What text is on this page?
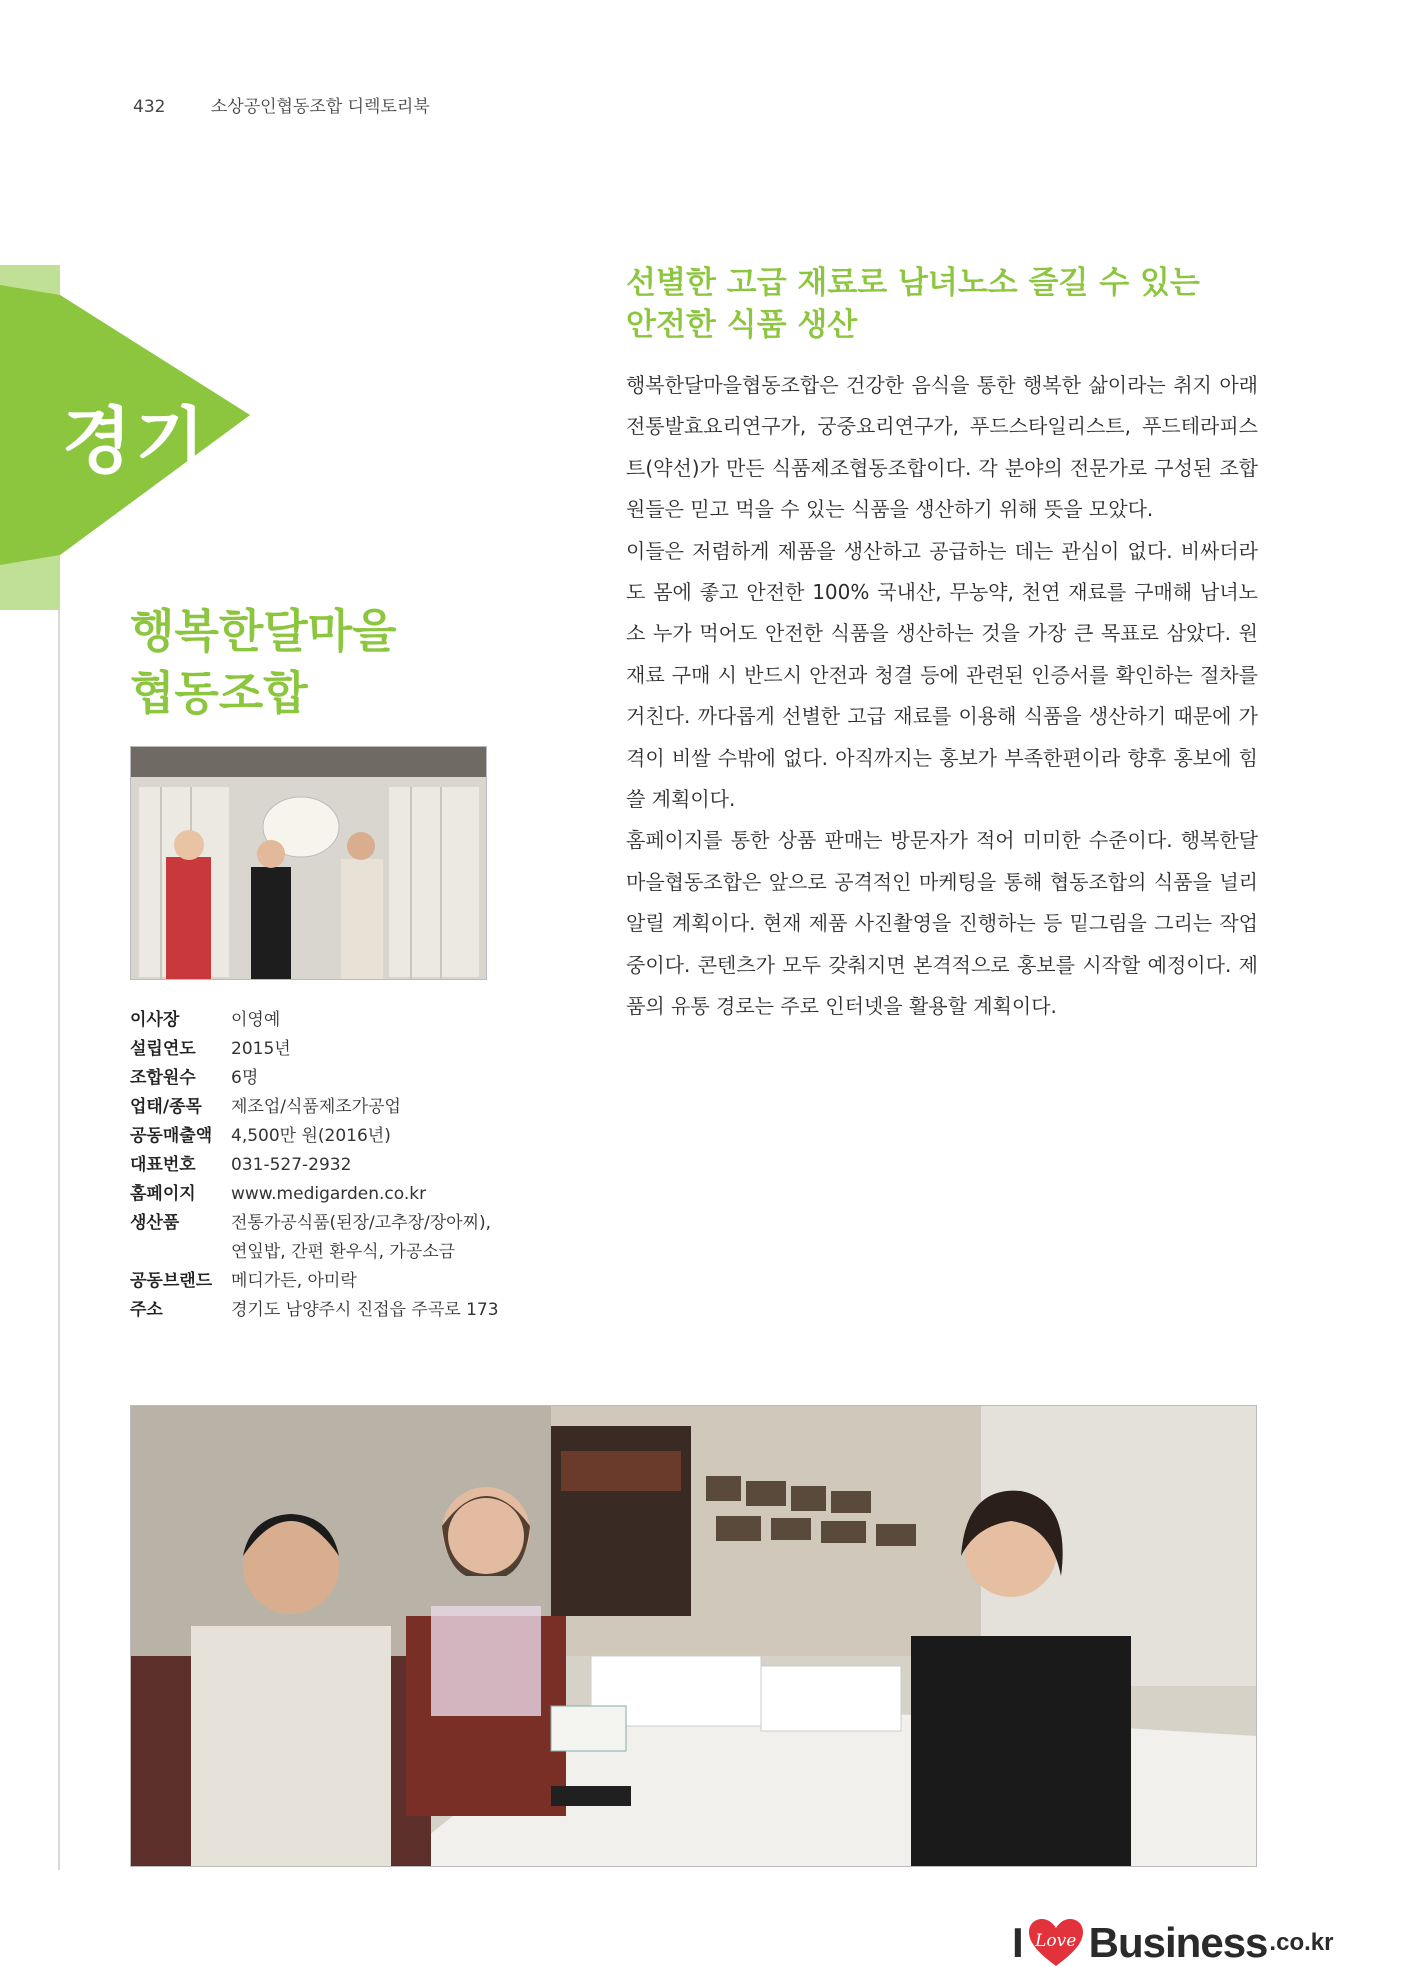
432	소상공인협동조합 디렉토리북
경기
행복한달마을
협동조합
이사장	이영예
설립연도	2015년
조합원수	6명
업태/종목	제조업/식품제조가공업
공동매출액	4,500만 원(2016년)
대표번호	031-527-2932
홈페이지	www.medigarden.co.kr
생산품	전통가공식품(된장/고추장/장아찌), 연잎밥, 간편 환우식, 가공소금
공동브랜드	메디가든, 아미락
주소	경기도 남양주시 진접읍 주곡로 173
선별한 고급 재료로 남녀노소 즐길 수 있는
안전한 식품 생산

행복한달마을협동조합은 건강한 음식을 통한 행복한 삶이라는 취지 아래 전통발효요리연구가, 궁중요리연구가, 푸드스타일리스트, 푸드테라피스트(약선)가 만든 식품제조협동조합이다. 각 분야의 전문가로 구성된 조합원들은 믿고 먹을 수 있는 식품을 생산하기 위해 뜻을 모았다.

이들은 저렴하게 제품을 생산하고 공급하는 데는 관심이 없다. 비싸더라도 몸에 좋고 안전한 100% 국내산, 무농약, 천연 재료를 구매해 남녀노소 누가 먹어도 안전한 식품을 생산하는 것을 가장 큰 목표로 삼았다. 원재료 구매 시 반드시 안전과 청결 등에 관련된 인증서를 확인하는 절차를 거친다. 까다롭게 선별한 고급 재료를 이용해 식품을 생산하기 때문에 가격이 비쌀 수밖에 없다. 아직까지는 홍보가 부족한편이라 향후 홍보에 힘쓸 계획이다.

홈페이지를 통한 상품 판매는 방문자가 적어 미미한 수준이다. 행복한달마을협동조합은 앞으로 공격적인 마케팅을 통해 협동조합의 식품을 널리 알릴 계획이다. 현재 제품 사진촬영을 진행하는 등 밑그림을 그리는 작업 중이다. 콘텐츠가 모두 갖춰지면 본격적으로 홍보를 시작할 예정이다. 제품의 유통 경로는 주로 인터넷을 활용할 계획이다.

I Love Business .co.kr
